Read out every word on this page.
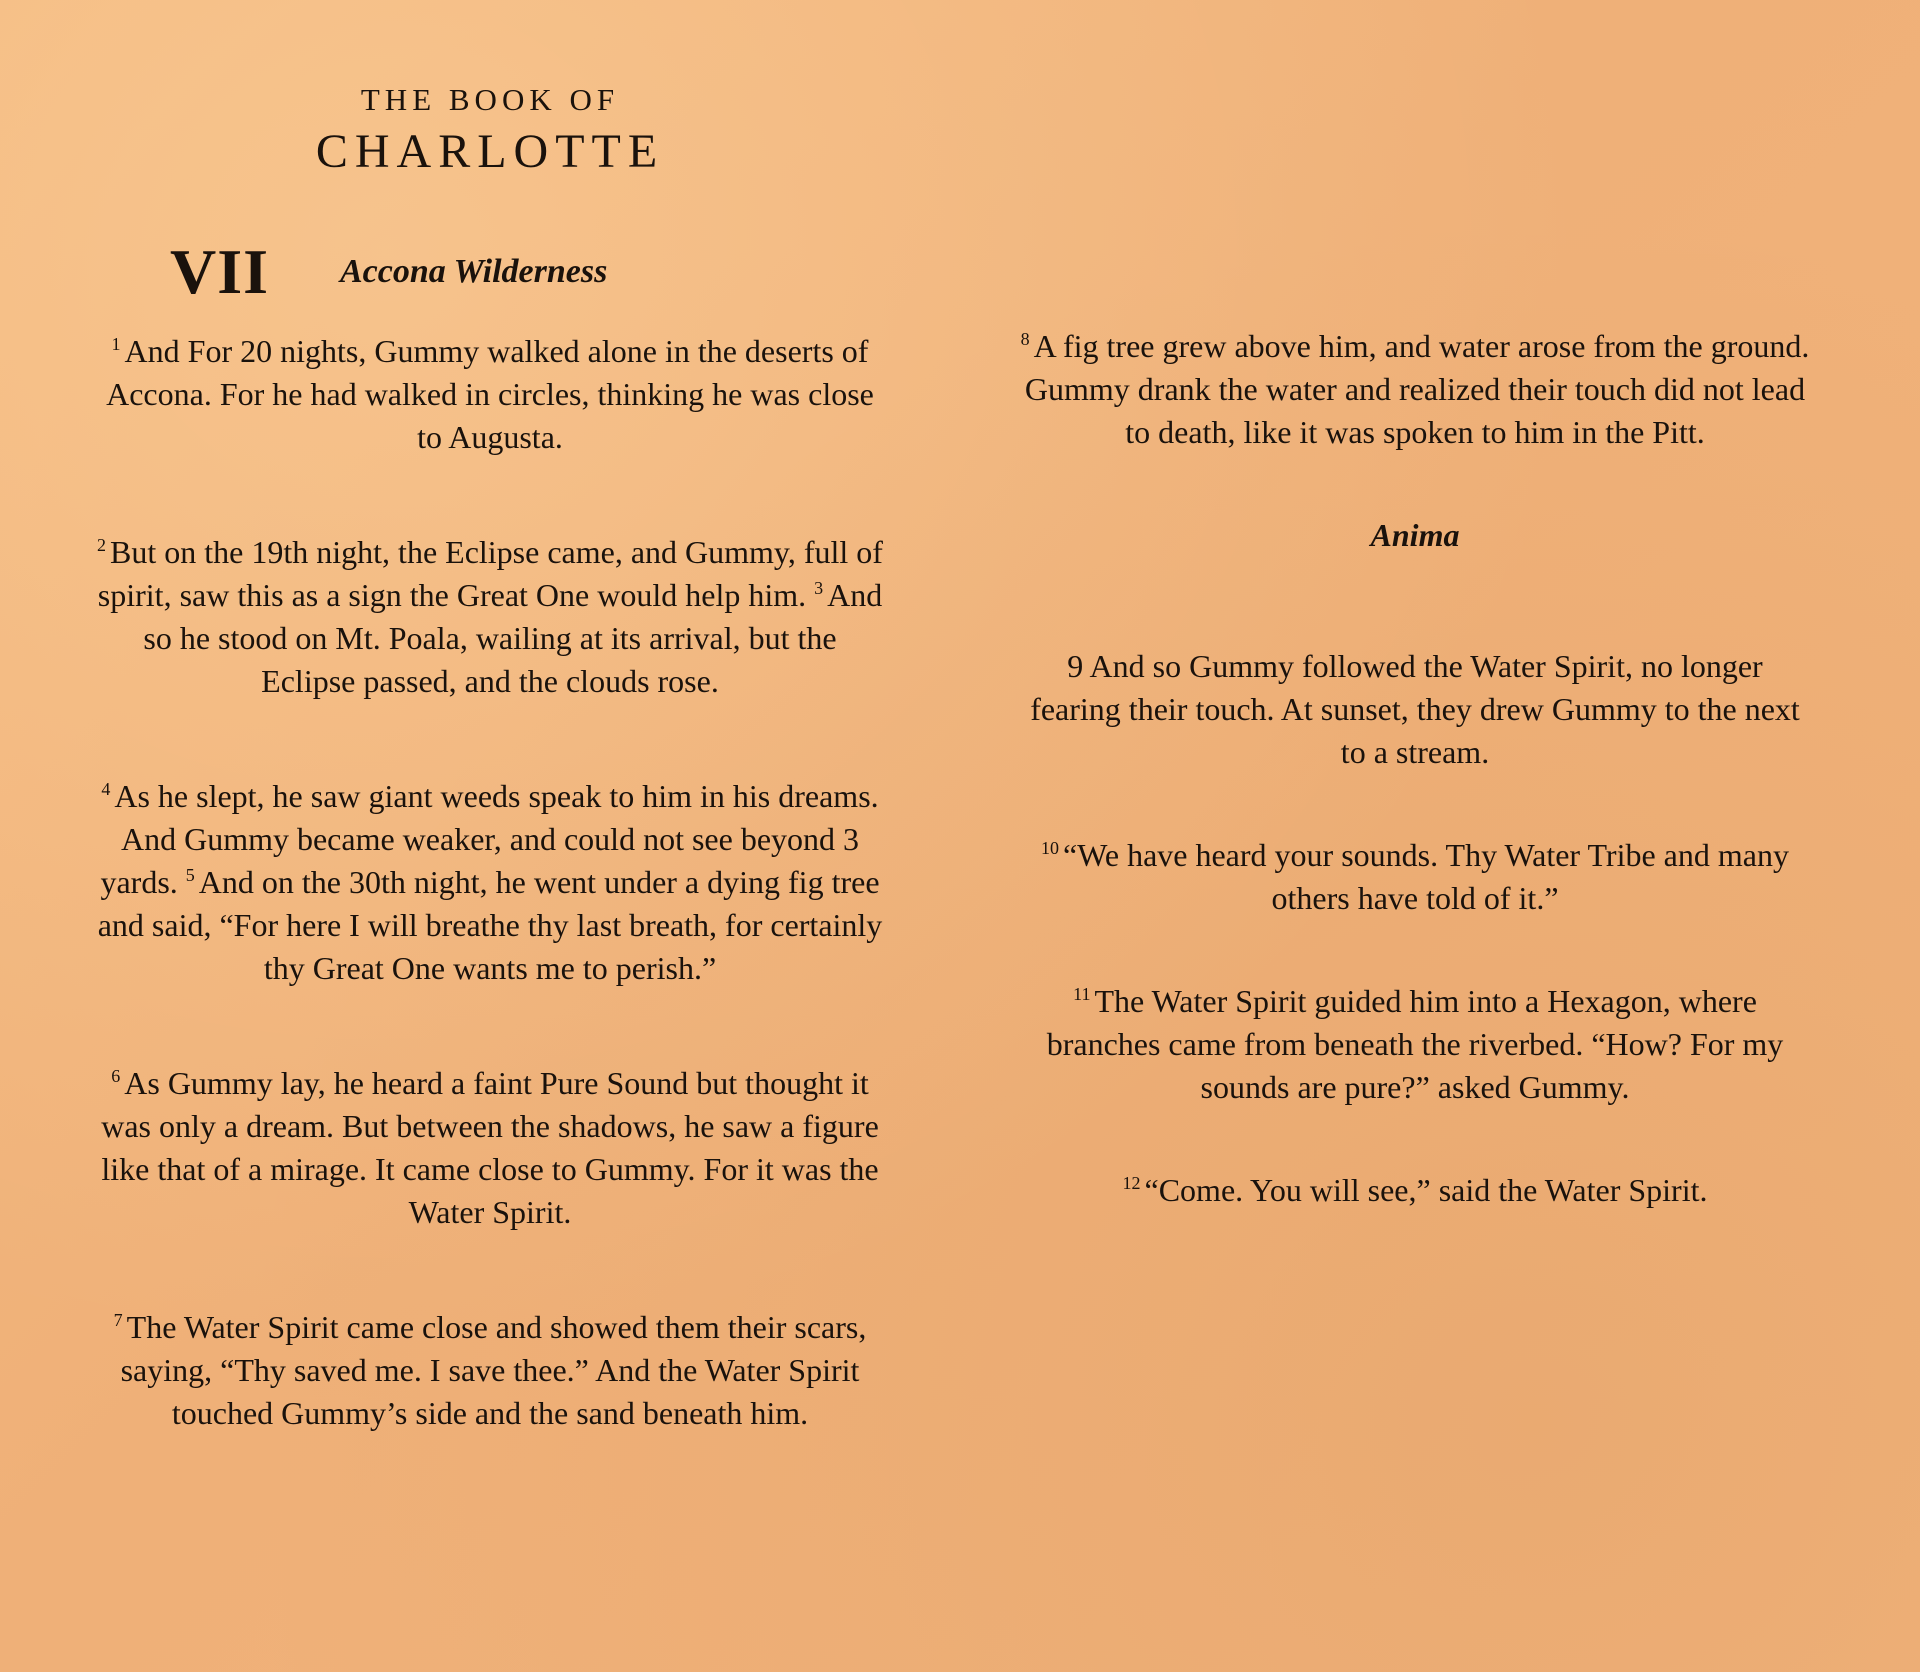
THE BOOK OF
CHARLOTTE
VII Accona Wilderness

$^1$ And For 20 nights, Gummy walked alone in the deserts of Accona. For he had walked in circles, thinking he was close to Augusta.

$^2$ But on the 19th night, the Eclipse came, and Gummy, full of spirit, saw this as a sign the Great One would help him. $^3$ And so he stood on Mt. Poala, wailing at its arrival, but the Eclipse passed, and the clouds rose.

$^4$ As he slept, he saw giant weeds speak to him in his dreams. And Gummy became weaker, and could not see beyond 3 yards. $^5$ And on the 30th night, he went under a dying fig tree and said, “For here I will breathe thy last breath, for certainly thy Great One wants me to perish.”

$^6$ As Gummy lay, he heard a faint Pure Sound but thought it was only a dream. But between the shadows, he saw a figure like that of a mirage. It came close to Gummy. For it was the Water Spirit.

$^7$ The Water Spirit came close and showed them their scars, saying, “Thy saved me. I save thee.” And the Water Spirit touched Gummy’s side and the sand beneath him.

$^8$ A fig tree grew above him, and water arose from the ground. Gummy drank the water and realized their touch did not lead to death, like it was spoken to him in the Pitt.

Anima

9 And so Gummy followed the Water Spirit, no longer fearing their touch. At sunset, they drew Gummy to the next to a stream.

$^{10}$ “We have heard your sounds. Thy Water Tribe and many others have told of it.”

$^{11}$ The Water Spirit guided him into a Hexagon, where branches came from beneath the riverbed. “How? For my sounds are pure?” asked Gummy.

$^{12}$ “Come. You will see,” said the Water Spirit.
